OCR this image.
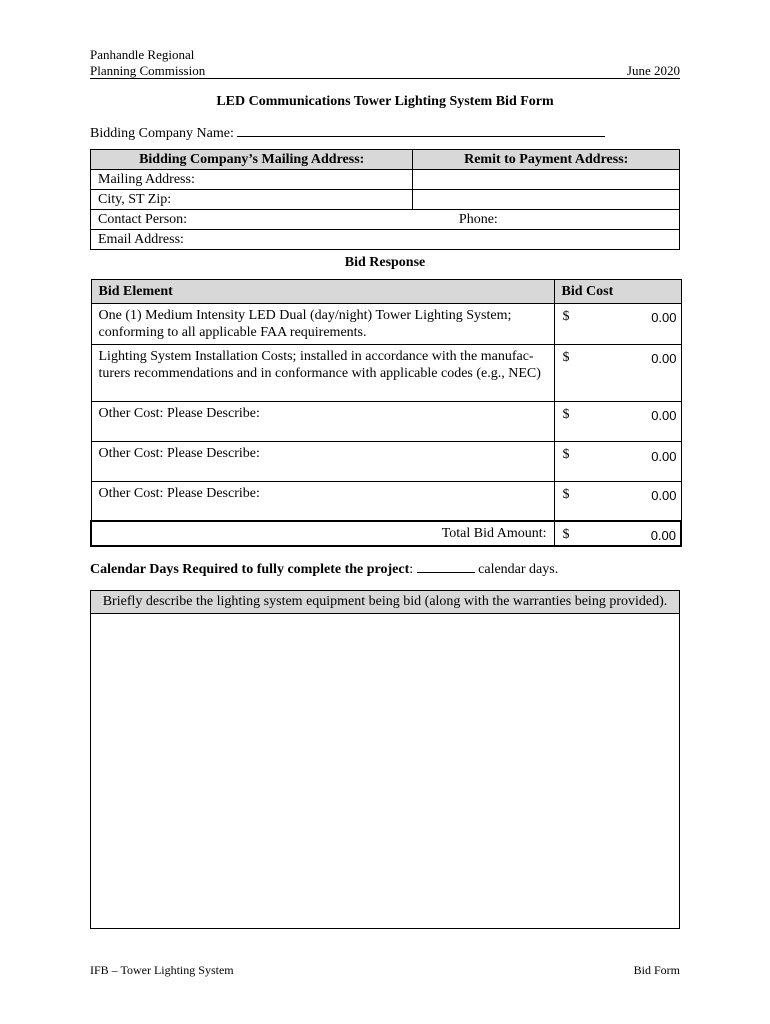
Panhandle Regional
Planning Commission	June 2020
LED Communications Tower Lighting System Bid Form
Bidding Company Name:
Bidding Company’s Mailing Address:	Remit to Payment Address:
Mailing Address:	
City, ST Zip:	
Contact Person:	Phone:
Email Address:	
Bid Response
Bid Element	Bid Cost
One (1) Medium Intensity LED Dual (day/night) Tower Lighting System; conforming to all applicable FAA requirements.	$ 0.00

Lighting System Installation Costs; installed in accordance with the manufac-turers recommendations and in conformance with applicable codes (e.g., NEC)	$ 0.00

Other Cost: Please Describe:	$ 0.00

Other Cost: Please Describe:	$ 0.00

Other Cost: Please Describe:	$ 0.00

Total Bid Amount:	$ 0.00
Calendar Days Required to fully complete the project:	calendar days.
Briefly describe the lighting system equipment being bid (along with the warranties being provided).
IFB – Tower Lighting System	Bid Form
